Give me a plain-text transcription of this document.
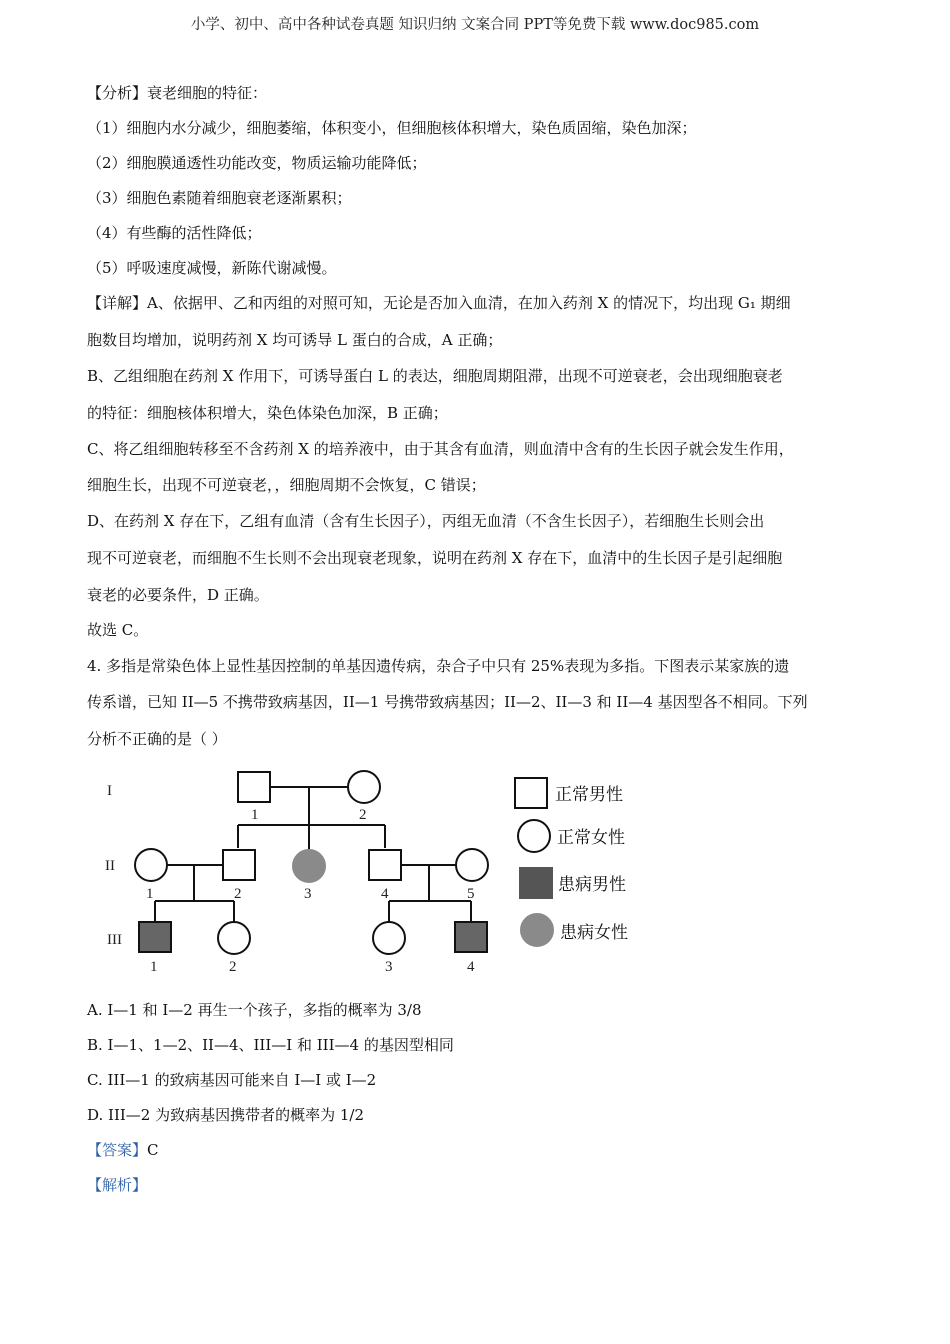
小学、初中、高中各种试卷真题 知识归纳 文案合同 PPT等免费下载 www.doc985.com
【分析】衰老细胞的特征：
（1）细胞内水分减少，细胞萎缩，体积变小，但细胞核体积增大，染色质固缩，染色加深；
（2）细胞膜通透性功能改变，物质运输功能降低；
（3）细胞色素随着细胞衰老逐渐累积；
（4）有些酶的活性降低；
（5）呼吸速度减慢，新陈代谢减慢。
【详解】A、依据甲、乙和丙组的对照可知，无论是否加入血清，在加入药剂 X 的情况下，均出现 G₁ 期细
胞数目均增加，说明药剂 X 均可诱导 L 蛋白的合成，A 正确；
B、乙组细胞在药剂 X 作用下，可诱导蛋白 L 的表达，细胞周期阻滞，出现不可逆衰老，会出现细胞衰老
的特征：细胞核体积增大，染色体染色加深，B 正确；
C、将乙组细胞转移至不含药剂 X 的培养液中，由于其含有血清，则血清中含有的生长因子就会发生作用，
细胞生长，出现不可逆衰老，，细胞周期不会恢复，C 错误；
D、在药剂 X 存在下，乙组有血清（含有生长因子），丙组无血清（不含生长因子），若细胞生长则会出
现不可逆衰老，而细胞不生长则不会出现衰老现象，说明在药剂 X 存在下，血清中的生长因子是引起细胞
衰老的必要条件，D 正确。
故选 C。
4. 多指是常染色体上显性基因控制的单基因遗传病，杂合子中只有 25%表现为多指。下图表示某家族的遗
传系谱，已知 II—5 不携带致病基因，II—1 号携带致病基因；II—2、II—3 和 II—4 基因型各不相同。下列
分析不正确的是（ ）
I
II
III
1	2
1	2	3	4	5
1	2	3	4
正常男性
正常女性
患病男性
患病女性
A. I—1 和 I—2 再生一个孩子，多指的概率为 3/8
B. I—1、1—2、II—4、III—I 和 III—4 的基因型相同
C. III—1 的致病基因可能来自 I—I 或 I—2
D. III—2 为致病基因携带者的概率为 1/2
【答案】C
【解析】
